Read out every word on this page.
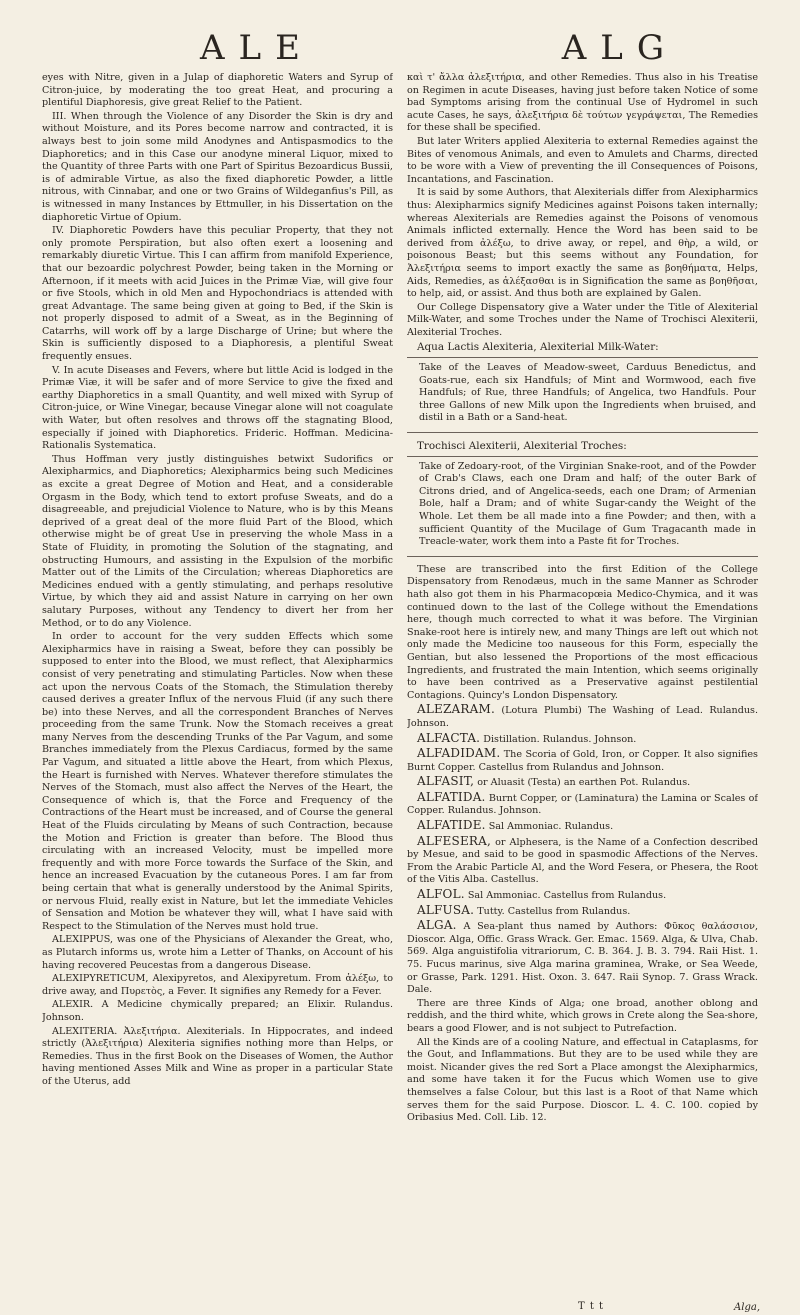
ALE	ALG

eyes with Nitre, given in a Julap of diaphoretic Waters and Syrup of Citron-juice, by moderating the too great Heat, and procuring a plentiful Diaphoresis, give great Relief to the Patient.

III. When through the Violence of any Disorder the Skin is dry and without Moisture, and its Pores become narrow and contracted, it is always best to join some mild Anodynes and Antispasmodics to the Diaphoretics; and in this Case our anodyne mineral Liquor, mixed to the Quantity of three Parts with one Part of Spiritus Bezoardicus Bussii, is of admirable Virtue, as also the fixed diaphoretic Powder, a little nitrous, with Cinnabar, and one or two Grains of Wildeganfius's Pill, as is witnessed in many Instances by Ettmuller, in his Dissertation on the diaphoretic Virtue of Opium.

IV. Diaphoretic Powders have this peculiar Property, that they not only promote Perspiration, but also often exert a loosening and remarkably diuretic Virtue. This I can affirm from manifold Experience, that our bezoardic polychrest Powder, being taken in the Morning or Afternoon, if it meets with acid Juices in the Primæ Viæ, will give four or five Stools, which in old Men and Hypochondriacs is attended with great Advantage. The same being given at going to Bed, if the Skin is not properly disposed to admit of a Sweat, as in the Beginning of Catarrhs, will work off by a large Discharge of Urine; but where the Skin is sufficiently disposed to a Diaphoresis, a plentiful Sweat frequently ensues.

V. In acute Diseases and Fevers, where but little Acid is lodged in the Primæ Viæ, it will be safer and of more Service to give the fixed and earthy Diaphoretics in a small Quantity, and well mixed with Syrup of Citron-juice, or Wine Vinegar, because Vinegar alone will not coagulate with Water, but often resolves and throws off the stagnating Blood, especially if joined with Diaphoretics. Frideric. Hoffman. Medicina-Rationalis Systematica.

Thus Hoffman very justly distinguishes betwixt Sudorifics or Alexipharmics, and Diaphoretics; Alexipharmics being such Medicines as excite a great Degree of Motion and Heat, and a considerable Orgasm in the Body, which tend to extort profuse Sweats, and do a disagreeable, and prejudicial Violence to Nature, who is by this Means deprived of a great deal of the more fluid Part of the Blood, which otherwise might be of great Use in preserving the whole Mass in a State of Fluidity, in promoting the Solution of the stagnating, and obstructing Humours, and assisting in the Expulsion of the morbific Matter out of the Limits of the Circulation; whereas Diaphoretics are Medicines endued with a gently stimulating, and perhaps resolutive Virtue, by which they aid and assist Nature in carrying on her own salutary Purposes, without any Tendency to divert her from her Method, or to do any Violence.

In order to account for the very sudden Effects which some Alexipharmics have in raising a Sweat, before they can possibly be supposed to enter into the Blood, we must reflect, that Alexipharmics consist of very penetrating and stimulating Particles. Now when these act upon the nervous Coats of the Stomach, the Stimulation thereby caused derives a greater Influx of the nervous Fluid (if any such there be) into these Nerves, and all the correspondent Branches of Nerves proceeding from the same Trunk. Now the Stomach receives a great many Nerves from the descending Trunks of the Par Vagum, and some Branches immediately from the Plexus Cardiacus, formed by the same Par Vagum, and situated a little above the Heart, from which Plexus, the Heart is furnished with Nerves. Whatever therefore stimulates the Nerves of the Stomach, must also affect the Nerves of the Heart, the Consequence of which is, that the Force and Frequency of the Contractions of the Heart must be increased, and of Course the general Heat of the Fluids circulating by Means of such Contraction, because the Motion and Friction is greater than before. The Blood thus circulating with an increased Velocity, must be impelled more frequently and with more Force towards the Surface of the Skin, and hence an increased Evacuation by the cutaneous Pores. I am far from being certain that what is generally understood by the Animal Spirits, or nervous Fluid, really exist in Nature, but let the immediate Vehicles of Sensation and Motion be whatever they will, what I have said with Respect to the Stimulation of the Nerves must hold true.

ALEXIPPUS, was one of the Physicians of Alexander the Great, who, as Plutarch informs us, wrote him a Letter of Thanks, on Account of his having recovered Peucestas from a dangerous Disease.

ALEXIPYRETICUM, Alexipyretos, and Alexipyretum. From ἀλέξω, to drive away, and Πυρετὸς, a Fever. It signifies any Remedy for a Fever.

ALEXIR. A Medicine chymically prepared; an Elixir. Rulandus. Johnson.

ALEXITERIA. Ἀλεξιτήρια. Alexiterials. In Hippocrates, and indeed strictly (Ἀλεξιτήρια) Alexiteria signifies nothing more than Helps, or Remedies. Thus in the first Book on the Diseases of Women, the Author having mentioned Asses Milk and Wine as proper in a particular State of the Uterus, add

καὶ τ' ἄλλα ἀλεξιτήρια, and other Remedies. Thus also in his Treatise on Regimen in acute Diseases, having just before taken Notice of some bad Symptoms arising from the continual Use of Hydromel in such acute Cases, he says, ἀλεξιτήρια δὲ τούτων γεγράψεται, The Remedies for these shall be specified.

But later Writers applied Alexiteria to external Remedies against the Bites of venomous Animals, and even to Amulets and Charms, directed to be wore with a View of preventing the ill Consequences of Poisons, Incantations, and Fascination.

It is said by some Authors, that Alexiterials differ from Alexipharmics thus: Alexipharmics signify Medicines against Poisons taken internally; whereas Alexiterials are Remedies against the Poisons of venomous Animals inflicted externally. Hence the Word has been said to be derived from ἀλέξω, to drive away, or repel, and θὴρ, a wild, or poisonous Beast; but this seems without any Foundation, for Ἀλεξιτήρια seems to import exactly the same as βοηθήματα, Helps, Aids, Remedies, as ἀλέξασθαι is in Signification the same as βοηθῆσαι, to help, aid, or assist. And thus both are explained by Galen.

Our College Dispensatory give a Water under the Title of Alexiterial Milk-Water, and some Troches under the Name of Trochisci Alexiterii, Alexiterial Troches.

Aqua Lactis Alexiteria, Alexiterial Milk-Water:

Take of the Leaves of Meadow-sweet, Carduus Benedictus, and Goats-rue, each six Handfuls; of Mint and Wormwood, each five Handfuls; of Rue, three Handfuls; of Angelica, two Handfuls. Pour three Gallons of new Milk upon the Ingredients when bruised, and distil in a Bath or a Sand-heat.

Trochisci Alexiterii, Alexiterial Troches:

Take of Zedoary-root, of the Virginian Snake-root, and of the Powder of Crab's Claws, each one Dram and half; of the outer Bark of Citrons dried, and of Angelica-seeds, each one Dram; of Armenian Bole, half a Dram; and of white Sugar-candy the Weight of the Whole. Let them be all made into a fine Powder; and then, with a sufficient Quantity of the Mucilage of Gum Tragacanth made in Treacle-water, work them into a Paste fit for Troches.

These are transcribed into the first Edition of the College Dispensatory from Renodæus, much in the same Manner as Schroder hath also got them in his Pharmacopœia Medico-Chymica, and it was continued down to the last of the College without the Emendations here, though much corrected to what it was before. The Virginian Snake-root here is intirely new, and many Things are left out which not only made the Medicine too nauseous for this Form, especially the Gentian, but also lessened the Proportions of the most efficacious Ingredients, and frustrated the main Intention, which seems originally to have been contrived as a Preservative against pestilential Contagions. Quincy's London Dispensatory.

ALEZARAM. (Lotura Plumbi) The Washing of Lead. Rulandus. Johnson.
ALFACTA. Distillation. Rulandus. Johnson.
ALFADIDAM. The Scoria of Gold, Iron, or Copper. It also signifies Burnt Copper. Castellus from Rulandus and Johnson.
ALFASIT, or Aluasit (Testa) an earthen Pot. Rulandus.
ALFATIDA. Burnt Copper, or (Laminatura) the Lamina or Scales of Copper. Rulandus. Johnson.
ALFATIDE. Sal Ammoniac. Rulandus.
ALFESERA, or Alphesera, is the Name of a Confection described by Mesue, and said to be good in spasmodic Affections of the Nerves. From the Arabic Particle Al, and the Word Fesera, or Phesera, the Root of the Vitis Alba. Castellus.
ALFOL. Sal Ammoniac. Castellus from Rulandus.
ALFUSA. Tutty. Castellus from Rulandus.
ALGA. A Sea-plant thus named by Authors: Φῦκος θαλάσσιον, Dioscor. Alga, Offic. Grass Wrack. Ger. Emac. 1569. Alga, & Ulva, Chab. 569. Alga anguistifolia vitrariorum, C. B. 364. J. B. 3. 794. Raii Hist. 1. 75. Fucus marinus, sive Alga marina graminea, Wrake, or Sea Weede, or Grasse, Park. 1291. Hist. Oxon. 3. 647. Raii Synop. 7. Grass Wrack. Dale.

There are three Kinds of Alga; one broad, another oblong and reddish, and the third white, which grows in Crete along the Sea-shore, bears a good Flower, and is not subject to Putrefaction.

All the Kinds are of a cooling Nature, and effectual in Cataplasms, for the Gout, and Inflammations. But they are to be used while they are moist. Nicander gives the red Sort a Place amongst the Alexipharmics, and some have taken it for the Fucus which Women use to give themselves a false Colour, but this last is a Root of that Name which serves them for the said Purpose. Dioscor. L. 4. C. 100. copied by Oribasius Med. Coll. Lib. 12.

T t t	Alga,
